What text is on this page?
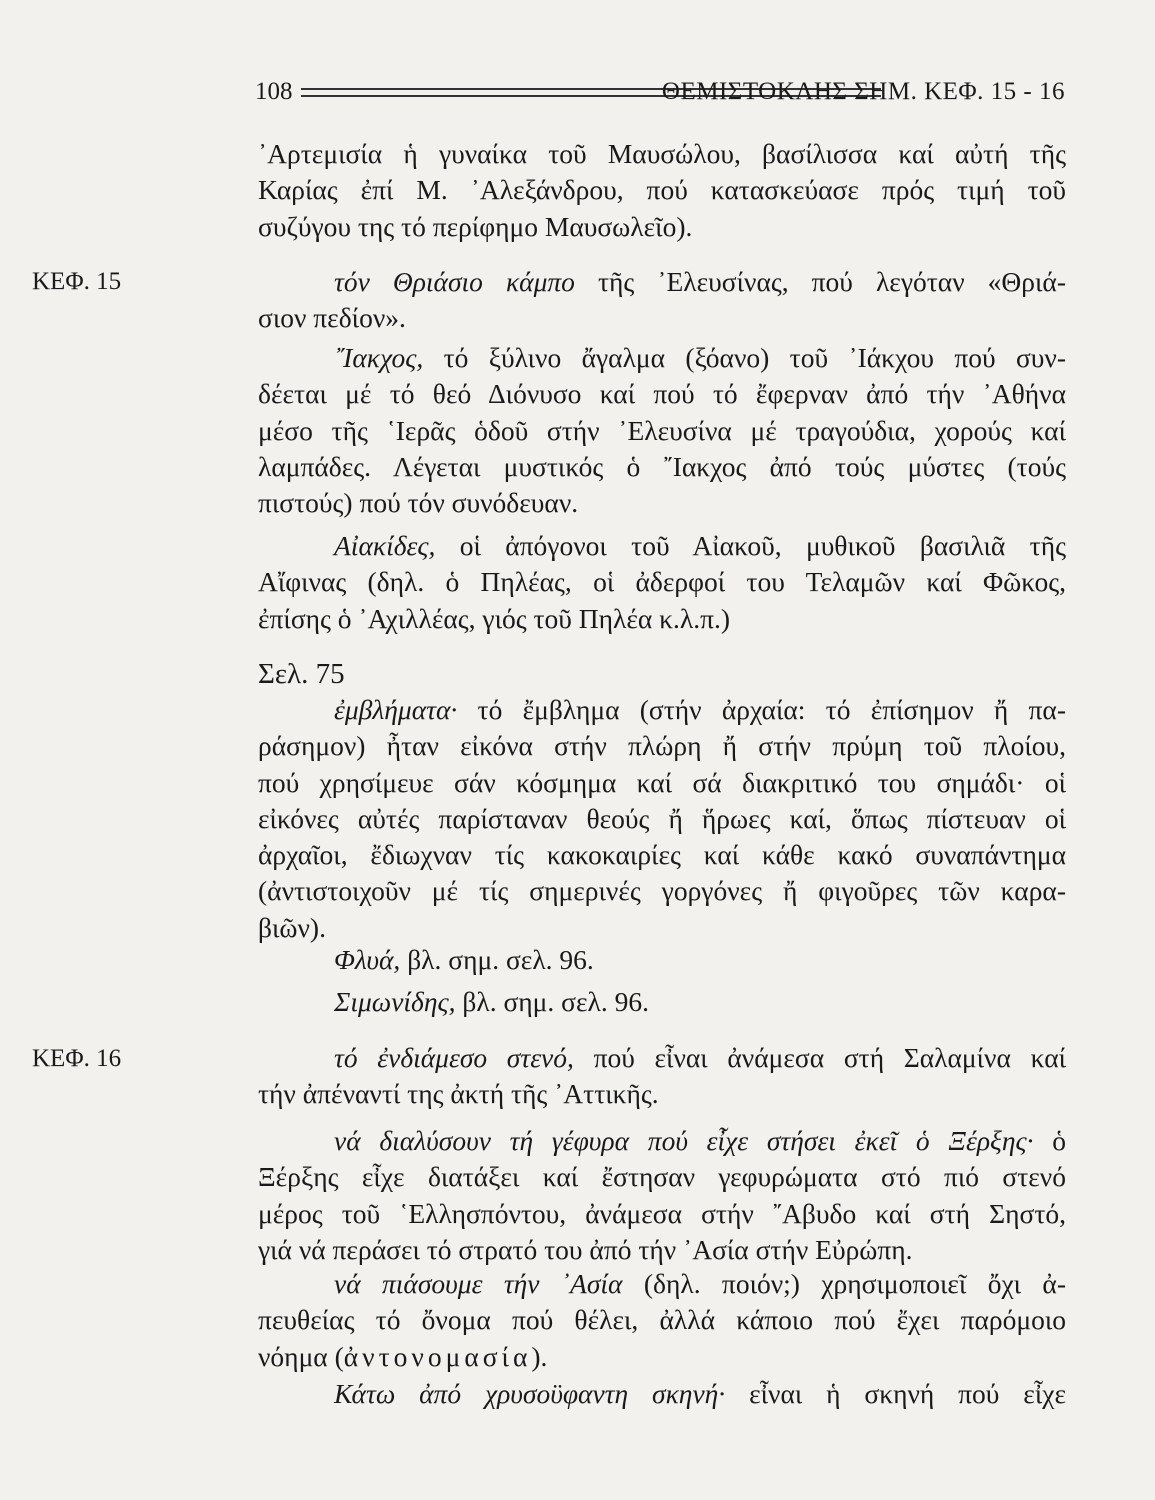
108	ΘΕΜΙΣΤΟΚΛΗΣ ΣΗΜ. ΚΕΦ. 15 - 16
ΚΕΦ. 15
ΚΕΦ. 16
᾿Αρτεμισία ἡ γυναίκα τοῦ Μαυσώλου, βασίλισσα καί αὐτή τῆς
Καρίας ἐπί Μ. ᾿Αλεξάνδρου, πού κατασκεύασε πρός τιμή τοῦ
συζύγου της τό περίφημο Μαυσωλεῖο).
τόν Θριάσιο κάμπο τῆς ᾿Ελευσίνας, πού λεγόταν «Θριά-
σιον πεδίον».
῎Ιακχος, τό ξύλινο ἄγαλμα (ξόανο) τοῦ ᾿Ιάκχου πού συν-
δέεται μέ τό θεό Διόνυσο καί πού τό ἔφερναν ἀπό τήν ᾿Αθήνα
μέσο τῆς ῾Ιερᾶς ὁδοῦ στήν ᾿Ελευσίνα μέ τραγούδια, χορούς καί
λαμπάδες. Λέγεται μυστικός ὁ ῎Ιακχος ἀπό τούς μύστες (τούς
πιστούς) πού τόν συνόδευαν.
Αἰακίδες, οἱ ἀπόγονοι τοῦ Αἰακοῦ, μυθικοῦ βασιλιᾶ τῆς
Αἴφινας (δηλ. ὁ Πηλέας, οἱ ἀδερφοί του Τελαμῶν καί Φῶκος,
ἐπίσης ὁ ᾿Αχιλλέας, γιός τοῦ Πηλέα κ.λ.π.)
Σελ. 75
ἐμβλήματα· τό ἔμβλημα (στήν ἀρχαία: τό ἐπίσημον ἤ πα-
ράσημον) ἦταν εἰκόνα στήν πλώρη ἤ στήν πρύμη τοῦ πλοίου,
πού χρησίμευε σάν κόσμημα καί σά διακριτικό του σημάδι· οἱ
εἰκόνες αὐτές παρίσταναν θεούς ἤ ἥρωες καί, ὅπως πίστευαν οἱ
ἀρχαῖοι, ἔδιωχναν τίς κακοκαιρίες καί κάθε κακό συναπάντημα
(ἀντιστοιχοῦν μέ τίς σημερινές γοργόνες ἤ φιγοῦρες τῶν καρα-
βιῶν).
Φλυά, βλ. σημ. σελ. 96.
Σιμωνίδης, βλ. σημ. σελ. 96.
τό ἐνδιάμεσο στενό, πού εἶναι ἀνάμεσα στή Σαλαμίνα καί
τήν ἀπέναντί της ἀκτή τῆς ᾿Αττικῆς.
νά διαλύσουν τή γέφυρα πού εἶχε στήσει ἐκεῖ ὁ Ξέρξης· ὁ
Ξέρξης εἶχε διατάξει καί ἔστησαν γεφυρώματα στό πιό στενό
μέρος τοῦ ῾Ελλησπόντου, ἀνάμεσα στήν ῎Αβυδο καί στή Σηστό,
γιά νά περάσει τό στρατό του ἀπό τήν ᾿Ασία στήν Εὐρώπη.
νά πιάσουμε τήν ᾿Ασία (δηλ. ποιόν;) χρησιμοποιεῖ ὄχι ἀ-
πευθείας τό ὄνομα πού θέλει, ἀλλά κάποιο πού ἔχει παρόμοιο
νόημα (ἀντονομασία).
Κάτω ἀπό χρυσοϋφαντη σκηνή· εἶναι ἡ σκηνή πού εἶχε
